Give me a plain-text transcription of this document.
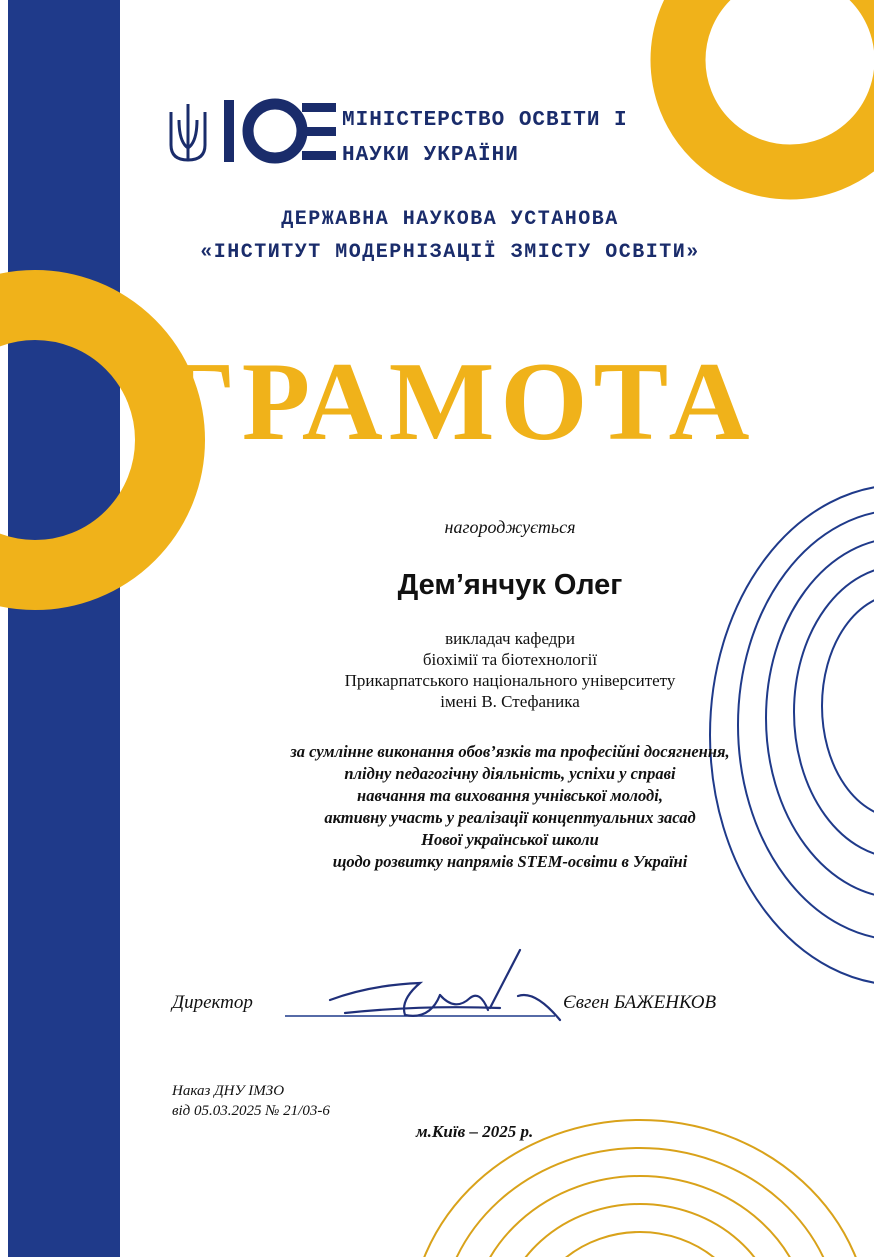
МІНІСТЕРСТВО ОСВІТИ І
НАУКИ УКРАЇНИ
ДЕРЖАВНА НАУКОВА УСТАНОВА
«ІНСТИТУТ МОДЕРНІЗАЦІЇ ЗМІСТУ ОСВІТИ»
ГРАМОТА
нагороджується
Дем’янчук Олег
викладач кафедри
біохімії та біотехнології
Прикарпатського національного університету
імені В. Стефаника
за сумлінне виконання обов’язків та професійні досягнення,
плідну педагогічну діяльність, успіхи у справі
навчання та виховання учнівської молоді,
активну участь у реалізації концептуальних засад
Нової української школи
щодо розвитку напрямів STEM-освіти в Україні
Директор	Євген БАЖЕНКОВ
Наказ ДНУ ІМЗО
від 05.03.2025 № 21/03-6
м.Київ – 2025 р.
